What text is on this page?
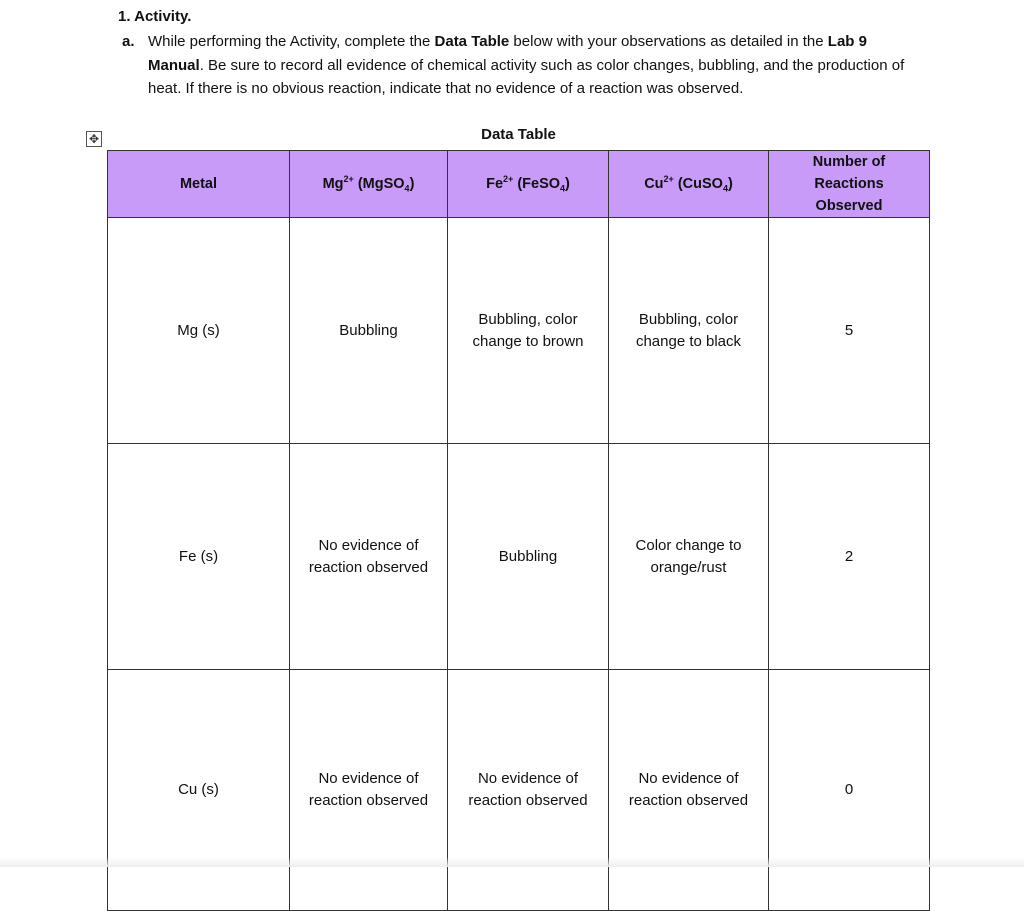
1. Activity.
a. While performing the Activity, complete the Data Table below with your observations as detailed in the Lab 9 Manual. Be sure to record all evidence of chemical activity such as color changes, bubbling, and the production of heat. If there is no obvious reaction, indicate that no evidence of a reaction was observed.
✥	Data Table
Metal	$Mg^{2+}$ (MgSO$_4$)	$Fe^{2+}$ (FeSO$_4$)	$Cu^{2+}$ (CuSO$_4$)	Number of Reactions Observed
Mg (s)	Bubbling	Bubbling, color change to brown	Bubbling, color change to black	5
Fe (s)	No evidence of reaction observed	Bubbling	Color change to orange/rust	2
Cu (s)	No evidence of reaction observed	No evidence of reaction observed	No evidence of reaction observed	0
